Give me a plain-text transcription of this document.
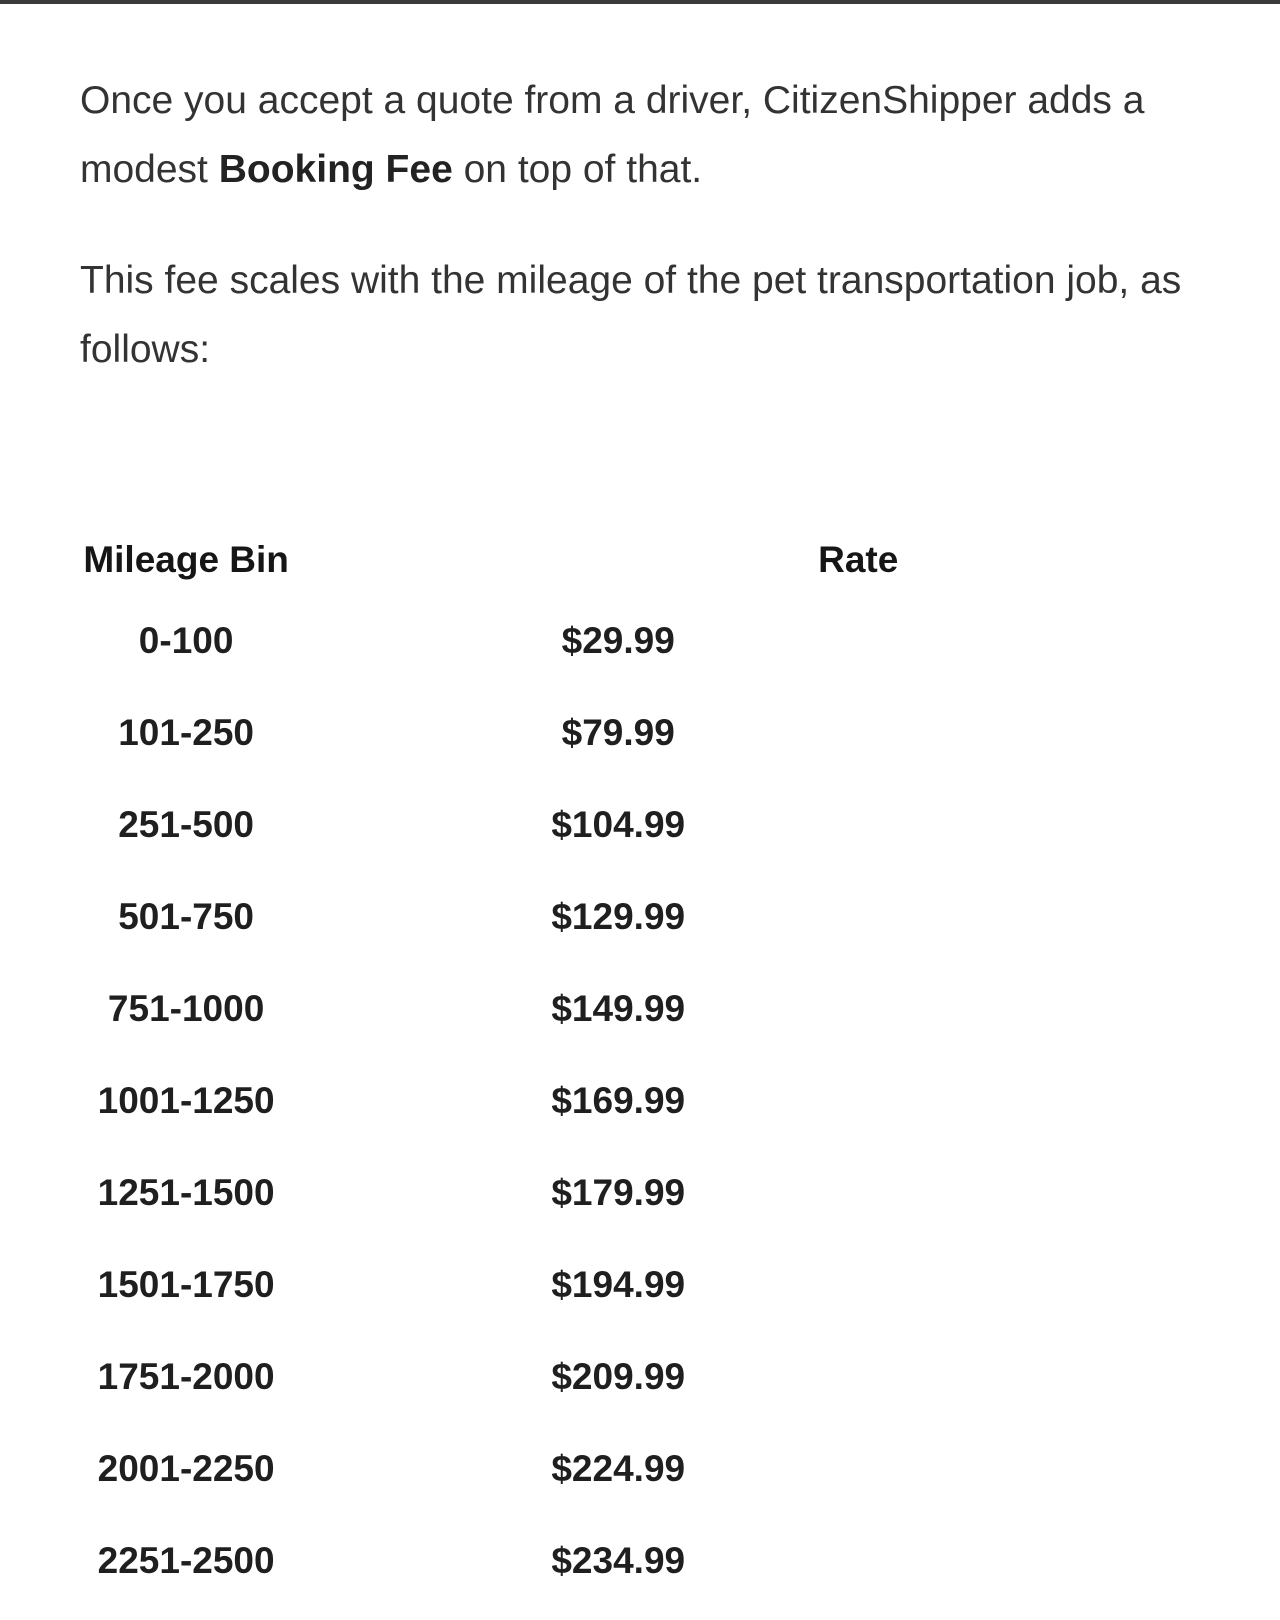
Once you accept a quote from a driver, CitizenShipper adds a modest Booking Fee on top of that.

This fee scales with the mileage of the pet transportation job, as follows:

Mileage Bin	Rate
0-100	$29.99
101-250	$79.99
251-500	$104.99
501-750	$129.99
751-1000	$149.99
1001-1250	$169.99
1251-1500	$179.99
1501-1750	$194.99
1751-2000	$209.99
2001-2250	$224.99
2251-2500	$234.99
